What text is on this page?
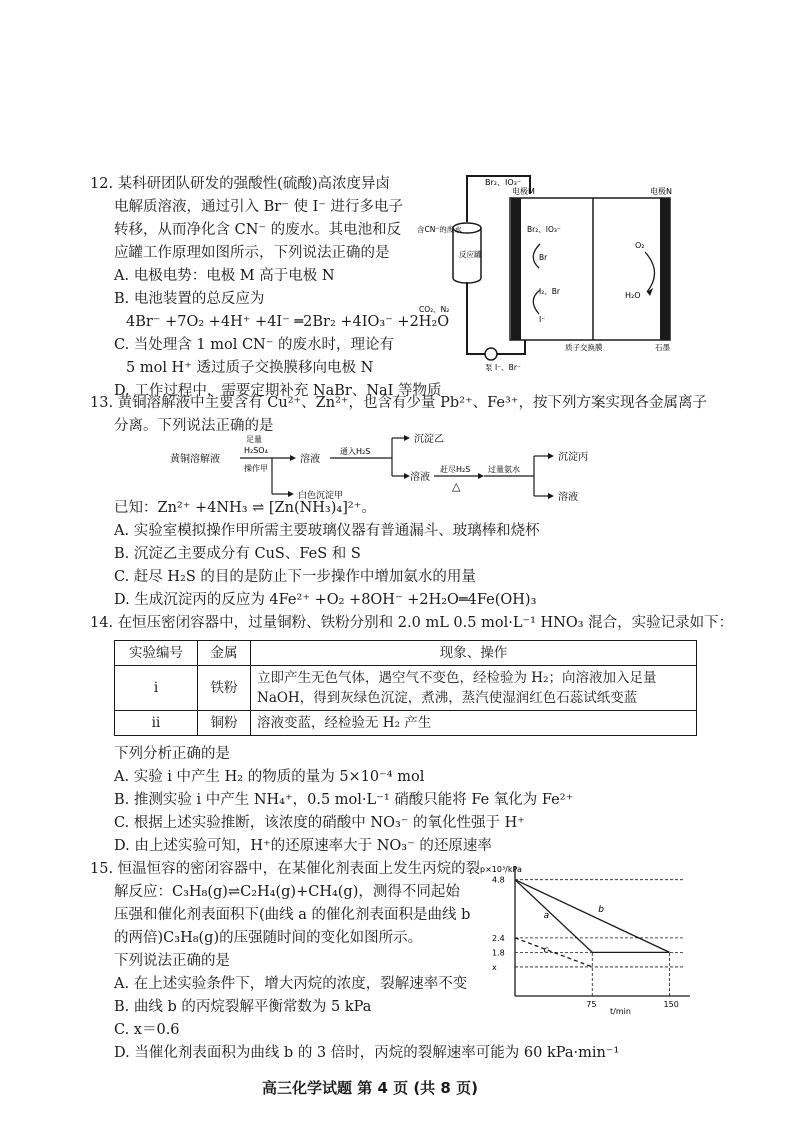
12. 某科研团队研发的强酸性(硫酸)高浓度异卤
电解质溶液，通过引入 Br⁻ 使 I⁻ 进行多电子
转移，从而净化含 CN⁻ 的废水。其电池和反
应罐工作原理如图所示，下列说法正确的是
A. 电极电势：电极 M 高于电极 N
B. 电池装置的总反应为
4Br⁻ +7O₂ +4H⁺ +4I⁻ ═2Br₂ +4IO₃⁻ +2H₂O
C. 当处理含 1 mol CN⁻ 的废水时，理论有
5 mol H⁺ 透过质子交换膜移向电极 N
D. 工作过程中，需要定期补充 NaBr、NaI 等物质
Br₂、IO₃⁻
电极M	电极N
含CN⁻的废水
反应罐
CO₂、N₂
Br₂、IO₃⁻
Br
I₂、Br
I⁻
O₂
H₂O
质子交换膜	石墨
泵 I⁻、Br⁻
13. 黄铜溶解液中主要含有 Cu²⁺、Zn²⁺，也含有少量 Pb²⁺、Fe³⁺，按下列方案实现各金属离子
分离。下列说法正确的是
黄铜溶解液
足量
H₂SO₄
操作甲
溶液
通入H₂S
沉淀乙
溶液
赶尽H₂S
△
过量氨水
沉淀丙
溶液
白色沉淀甲
已知：Zn²⁺ +4NH₃ ⇌ [Zn(NH₃)₄]²⁺。
A. 实验室模拟操作甲所需主要玻璃仪器有普通漏斗、玻璃棒和烧杯
B. 沉淀乙主要成分有 CuS、FeS 和 S
C. 赶尽 H₂S 的目的是防止下一步操作中增加氨水的用量
D. 生成沉淀丙的反应为 4Fe²⁺ +O₂ +8OH⁻ +2H₂O═4Fe(OH)₃
14. 在恒压密闭容器中，过量铜粉、铁粉分别和 2.0 mL 0.5 mol·L⁻¹ HNO₃ 混合，实验记录如下：
实验编号	金属	现象、操作
ⅰ	铁粉	立即产生无色气体，遇空气不变色，经检验为 H₂；向溶液加入足量
NaOH，得到灰绿色沉淀，煮沸，蒸汽使湿润红色石蕊试纸变蓝

ⅱ	铜粉	溶液变蓝，经检验无 H₂ 产生
下列分析正确的是
A. 实验 ⅰ 中产生 H₂ 的物质的量为 5×10⁻⁴ mol
B. 推测实验 ⅰ 中产生 NH₄⁺，0.5 mol·L⁻¹ 硝酸只能将 Fe 氧化为 Fe²⁺
C. 根据上述实验推断，该浓度的硝酸中 NO₃⁻ 的氧化性强于 H⁺
D. 由上述实验可知，H⁺的还原速率大于 NO₃⁻ 的还原速率
15. 恒温恒容的密闭容器中，在某催化剂表面上发生丙烷的裂
解反应：C₃H₈(g)⇌C₂H₄(g)+CH₄(g)，测得不同起始
压强和催化剂表面积下(曲线 a 的催化剂表面积是曲线 b
的两倍)C₃H₈(g)的压强随时间的变化如图所示。
下列说法正确的是
A. 在上述实验条件下，增大丙烷的浓度，裂解速率不变
B. 曲线 b 的丙烷裂解平衡常数为 5 kPa
C. x＝0.6
D. 当催化剂表面积为曲线 b 的 3 倍时，丙烷的裂解速率可能为 60 kPa·min⁻¹
p×10³/kPa
t/min
x
1.8
2.4
4.8
75	150
a
b
c
高三化学试题 第 4 页 (共 8 页)
